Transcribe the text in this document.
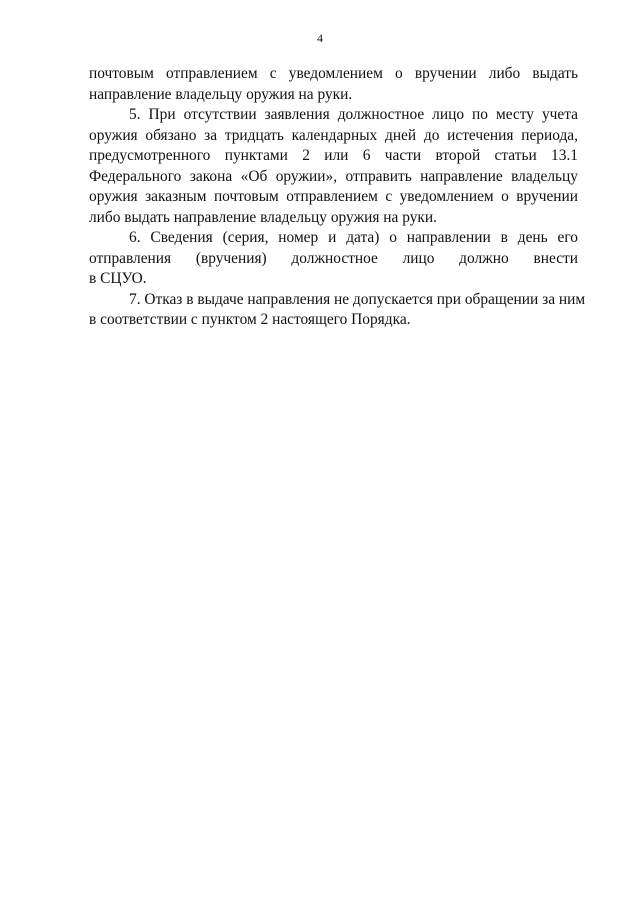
4

почтовым отправлением с уведомлением о вручении либо выдать
направление владельцу оружия на руки.

5. При отсутствии заявления должностное лицо по месту учета
оружия обязано за тридцать календарных дней до истечения периода,
предусмотренного пунктами 2 или 6 части второй статьи 13.1
Федерального закона «Об оружии», отправить направление владельцу
оружия заказным почтовым отправлением с уведомлением о вручении
либо выдать направление владельцу оружия на руки.

6. Сведения (серия, номер и дата) о направлении в день его
отправления (вручения) должностное лицо должно внести
в СЦУО.

7. Отказ в выдаче направления не допускается при обращении за ним
в соответствии с пунктом 2 настоящего Порядка.
